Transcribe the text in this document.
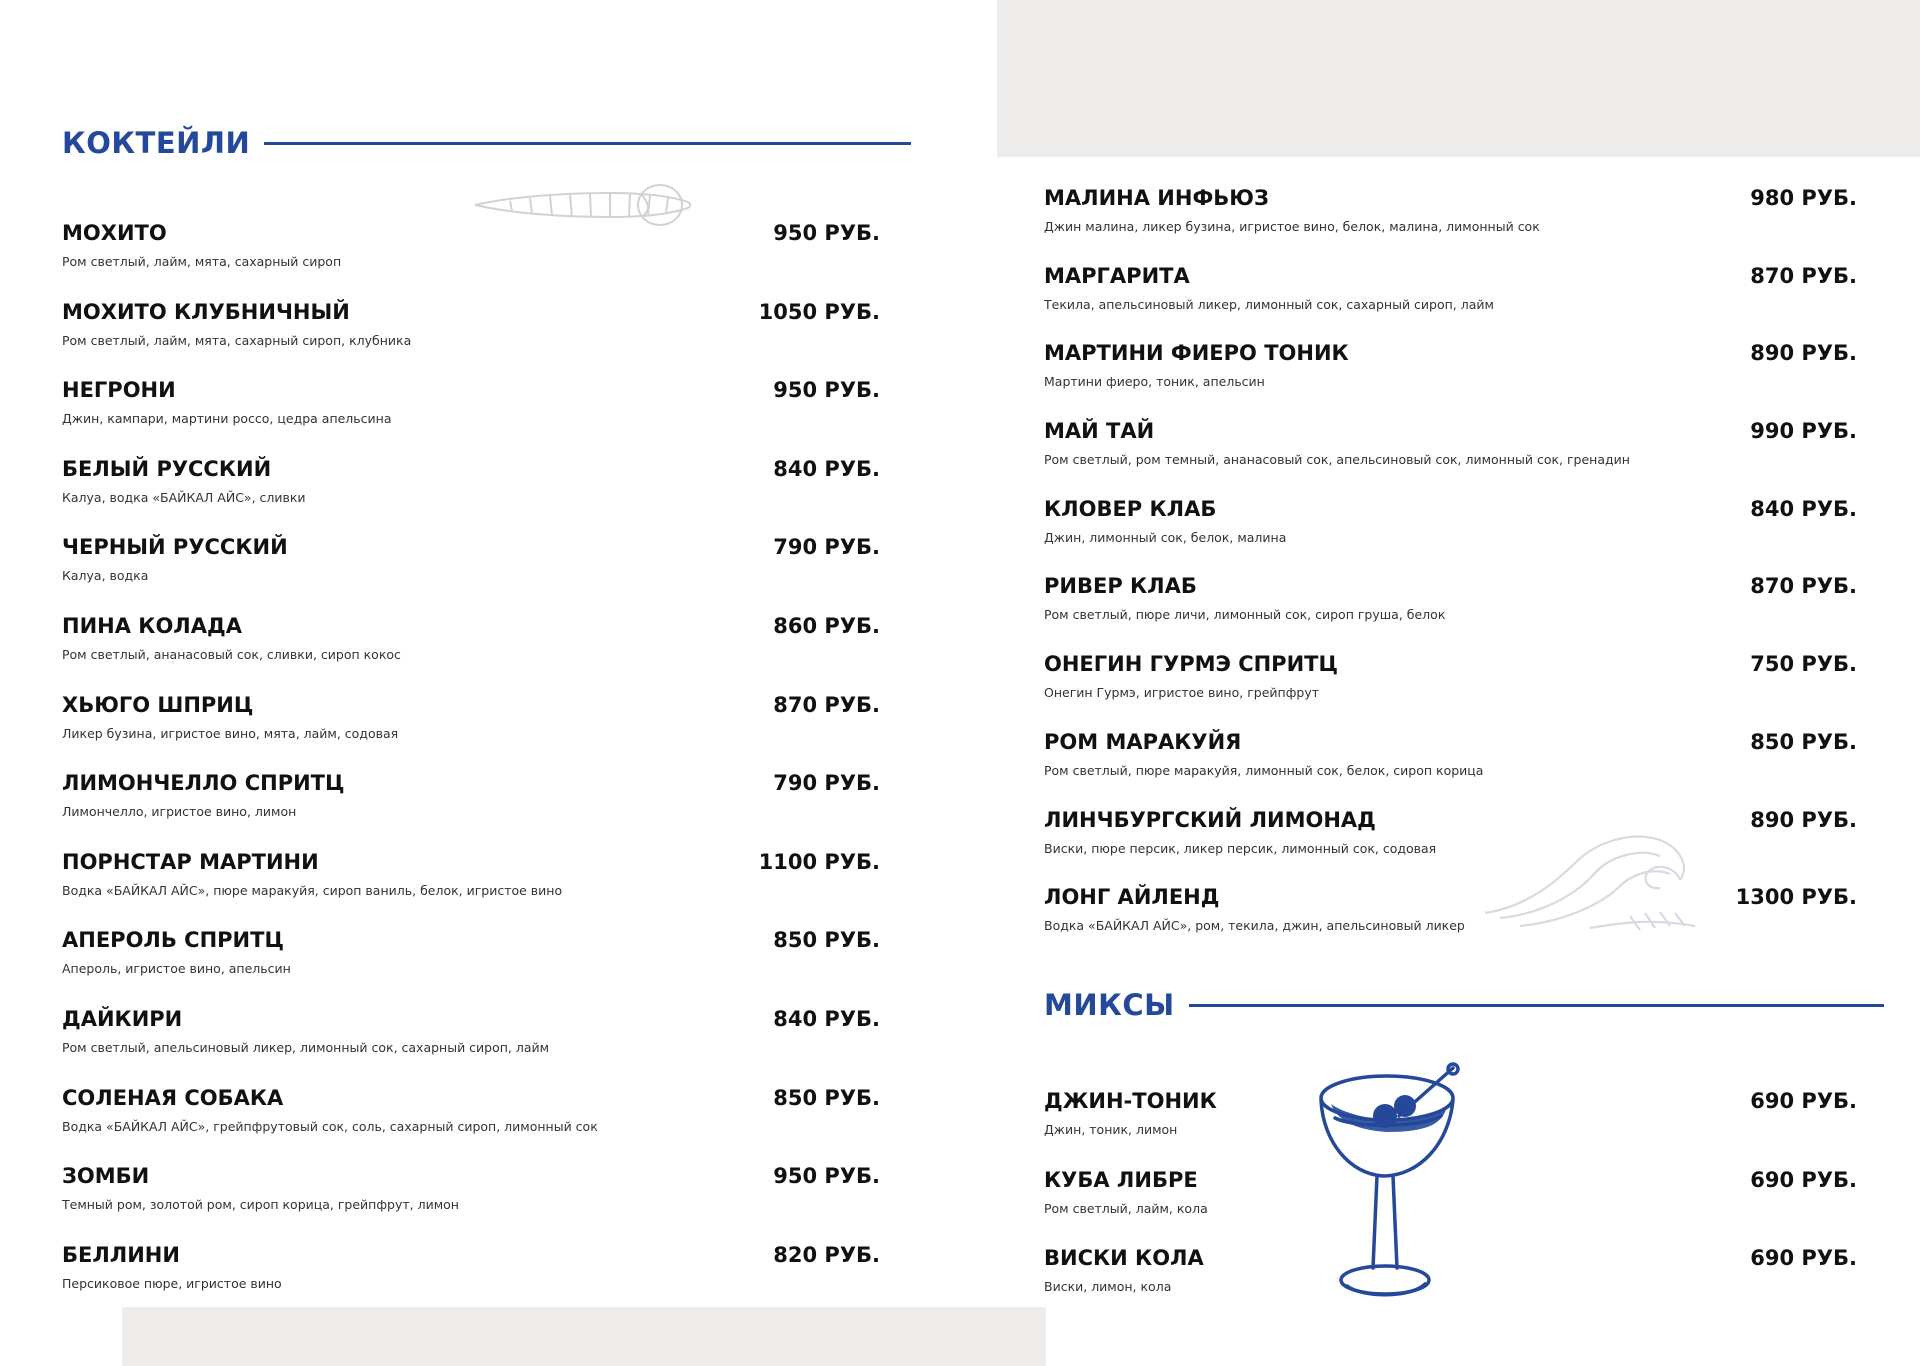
КОКТЕЙЛИ
МОХИТО	950 РУБ.
Ром светлый, лайм, мята, сахарный сироп
МОХИТО КЛУБНИЧНЫЙ	1050 РУБ.
Ром светлый, лайм, мята, сахарный сироп, клубника
НЕГРОНИ	950 РУБ.
Джин, кампари, мартини россо, цедра апельсина
БЕЛЫЙ РУССКИЙ	840 РУБ.
Калуа, водка «БАЙКАЛ АЙС», сливки
ЧЕРНЫЙ РУССКИЙ	790 РУБ.
Калуа, водка
ПИНА КОЛАДА	860 РУБ.
Ром светлый, ананасовый сок, сливки, сироп кокос
ХЬЮГО ШПРИЦ	870 РУБ.
Ликер бузина, игристое вино, мята, лайм, содовая
ЛИМОНЧЕЛЛО СПРИТЦ	790 РУБ.
Лимончелло, игристое вино, лимон
ПОРНСТАР МАРТИНИ	1100 РУБ.
Водка «БАЙКАЛ АЙС», пюре маракуйя, сироп ваниль, белок, игристое вино
АПЕРОЛЬ СПРИТЦ	850 РУБ.
Апероль, игристое вино, апельсин
ДАЙКИРИ	840 РУБ.
Ром светлый, апельсиновый ликер, лимонный сок, сахарный сироп, лайм
СОЛЕНАЯ СОБАКА	850 РУБ.
Водка «БАЙКАЛ АЙС», грейпфрутовый сок, соль, сахарный сироп, лимонный сок
ЗОМБИ	950 РУБ.
Темный ром, золотой ром, сироп корица, грейпфрут, лимон
БЕЛЛИНИ	820 РУБ.
Персиковое пюре, игристое вино
МАЛИНА ИНФЬЮЗ	980 РУБ.
Джин малина, ликер бузина, игристое вино, белок, малина, лимонный сок
МАРГАРИТА	870 РУБ.
Текила, апельсиновый ликер, лимонный сок, сахарный сироп, лайм
МАРТИНИ ФИЕРО ТОНИК	890 РУБ.
Мартини фиеро, тоник, апельсин
МАЙ ТАЙ	990 РУБ.
Ром светлый, ром темный, ананасовый сок, апельсиновый сок, лимонный сок, гренадин
КЛОВЕР КЛАБ	840 РУБ.
Джин, лимонный сок, белок, малина
РИВЕР КЛАБ	870 РУБ.
Ром светлый, пюре личи, лимонный сок, сироп груша, белок
ОНЕГИН ГУРМЭ СПРИТЦ	750 РУБ.
Онегин Гурмэ, игристое вино, грейпфрут
РОМ МАРАКУЙЯ	850 РУБ.
Ром светлый, пюре маракуйя, лимонный сок, белок, сироп корица
ЛИНЧБУРГСКИЙ ЛИМОНАД	890 РУБ.
Виски, пюре персик, ликер персик, лимонный сок, содовая
ЛОНГ АЙЛЕНД	1300 РУБ.
Водка «БАЙКАЛ АЙС», ром, текила, джин, апельсиновый ликер
МИКСЫ
ДЖИН-ТОНИК	690 РУБ.
Джин, тоник, лимон
КУБА ЛИБРЕ	690 РУБ.
Ром светлый, лайм, кола
ВИСКИ КОЛА	690 РУБ.
Виски, лимон, кола
